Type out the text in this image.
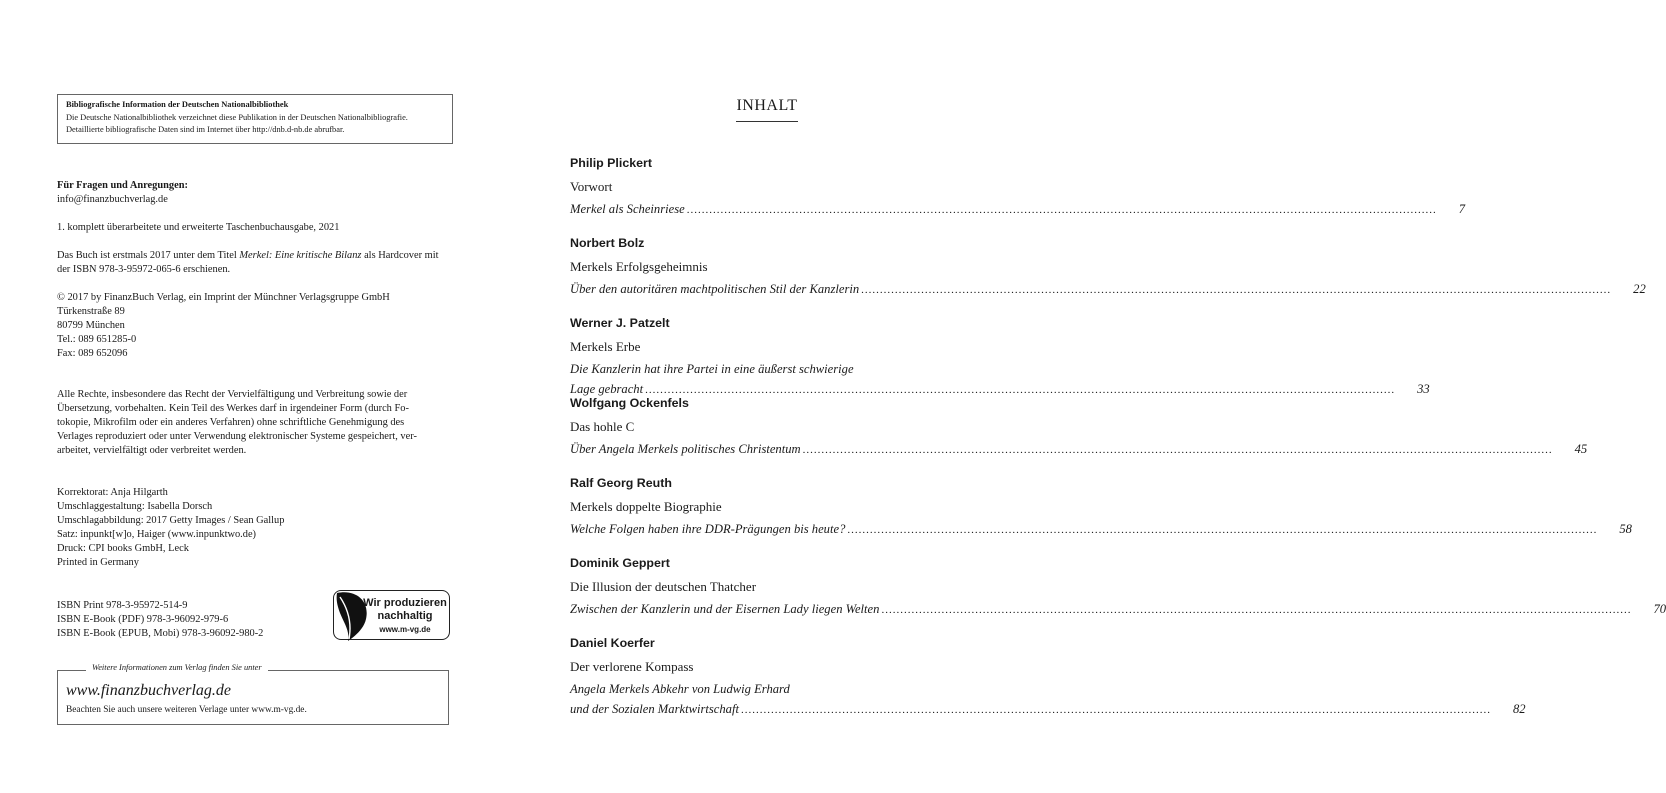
Bibliografische Information der Deutschen Nationalbibliothek
Die Deutsche Nationalbibliothek verzeichnet diese Publikation in der Deutschen Nationalbibliografie.
Detaillierte bibliografische Daten sind im Internet über http://dnb.d-nb.de abrufbar.

Für Fragen und Anregungen:

info@finanzbuchverlag.de

1. komplett überarbeitete und erweiterte Taschenbuchausgabe, 2021

Das Buch ist erstmals 2017 unter dem Titel Merkel: Eine kritische Bilanz als Hardcover mit

der ISBN 978-3-95972-065-6 erschienen.

© 2017 by FinanzBuch Verlag, ein Imprint der Münchner Verlagsgruppe GmbH

Türkenstraße 89

80799 München

Tel.: 089 651285-0

Fax: 089 652096

Alle Rechte, insbesondere das Recht der Vervielfältigung und Verbreitung sowie der

Übersetzung, vorbehalten. Kein Teil des Werkes darf in irgendeiner Form (durch Fo-

tokopie, Mikrofilm oder ein anderes Verfahren) ohne schriftliche Genehmigung des

Verlages reproduziert oder unter Verwendung elektronischer Systeme gespeichert, ver-

arbeitet, vervielfältigt oder verbreitet werden.

Korrektorat: Anja Hilgarth

Umschlaggestaltung: Isabella Dorsch

Umschlagabbildung: 2017 Getty Images / Sean Gallup

Satz: inpunkt[w]o, Haiger (www.inpunktwo.de)

Druck: CPI books GmbH, Leck

Printed in Germany

ISBN Print 978-3-95972-514-9

ISBN E-Book (PDF) 978-3-96092-979-6

ISBN E-Book (EPUB, Mobi) 978-3-96092-980-2

Wir produzieren
nachhaltig
www.m-vg.de
Weitere Informationen zum Verlag finden Sie unter
www.finanzbuchverlag.de
Beachten Sie auch unsere weiteren Verlage unter www.m-vg.de.
INHALT
Philip Plickert
Vorwort
Merkel als Scheinriese ........................................................................................................................................................................................................ 7
Norbert Bolz
Merkels Erfolgsgeheimnis
Über den autoritären machtpolitischen Stil der Kanzlerin ........................................................................................................................................................................................................ 22
Werner J. Patzelt
Merkels Erbe
Die Kanzlerin hat ihre Partei in eine äußerst schwierige
Lage gebracht ........................................................................................................................................................................................................ 33
Wolfgang Ockenfels
Das hohle C
Über Angela Merkels politisches Christentum ........................................................................................................................................................................................................ 45
Ralf Georg Reuth
Merkels doppelte Biographie
Welche Folgen haben ihre DDR-Prägungen bis heute? ........................................................................................................................................................................................................ 58
Dominik Geppert
Die Illusion der deutschen Thatcher
Zwischen der Kanzlerin und der Eisernen Lady liegen Welten ........................................................................................................................................................................................................ 70
Daniel Koerfer
Der verlorene Kompass
Angela Merkels Abkehr von Ludwig Erhard
und der Sozialen Marktwirtschaft ........................................................................................................................................................................................................ 82
